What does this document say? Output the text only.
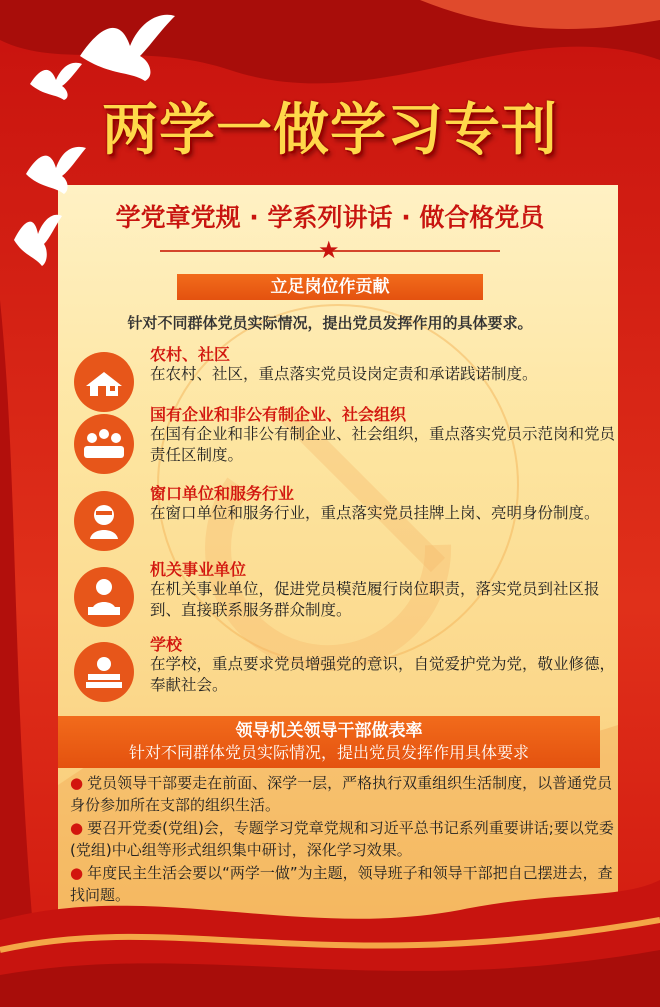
两学一做学习专刊
学党章党规 · 学系列讲话 · 做合格党员
★
立足岗位作贡献
针对不同群体党员实际情况，提出党员发挥作用的具体要求。
农村、社区
在农村、社区，重点落实党员设岗定责和承诺践诺制度。
国有企业和非公有制企业、社会组织
在国有企业和非公有制企业、社会组织，重点落实党员示范岗和党员责任区制度。
窗口单位和服务行业
在窗口单位和服务行业，重点落实党员挂牌上岗、亮明身份制度。
机关事业单位
在机关事业单位，促进党员模范履行岗位职责，落实党员到社区报到、直接联系服务群众制度。
学校
在学校，重点要求党员增强党的意识，自觉爱护党为党，敬业修德，奉献社会。
领导机关领导干部做表率
针对不同群体党员实际情况，提出党员发挥作用具体要求
● 党员领导干部要走在前面、深学一层，严格执行双重组织生活制度，以普通党员身份参加所在支部的组织生活。
● 要召开党委(党组)会，专题学习党章党规和习近平总书记系列重要讲话;要以党委(党组)中心组等形式组织集中研讨，深化学习效果。
● 年度民主生活会要以“两学一做”为主题，领导班子和领导干部把自己摆进去，查找问题。
